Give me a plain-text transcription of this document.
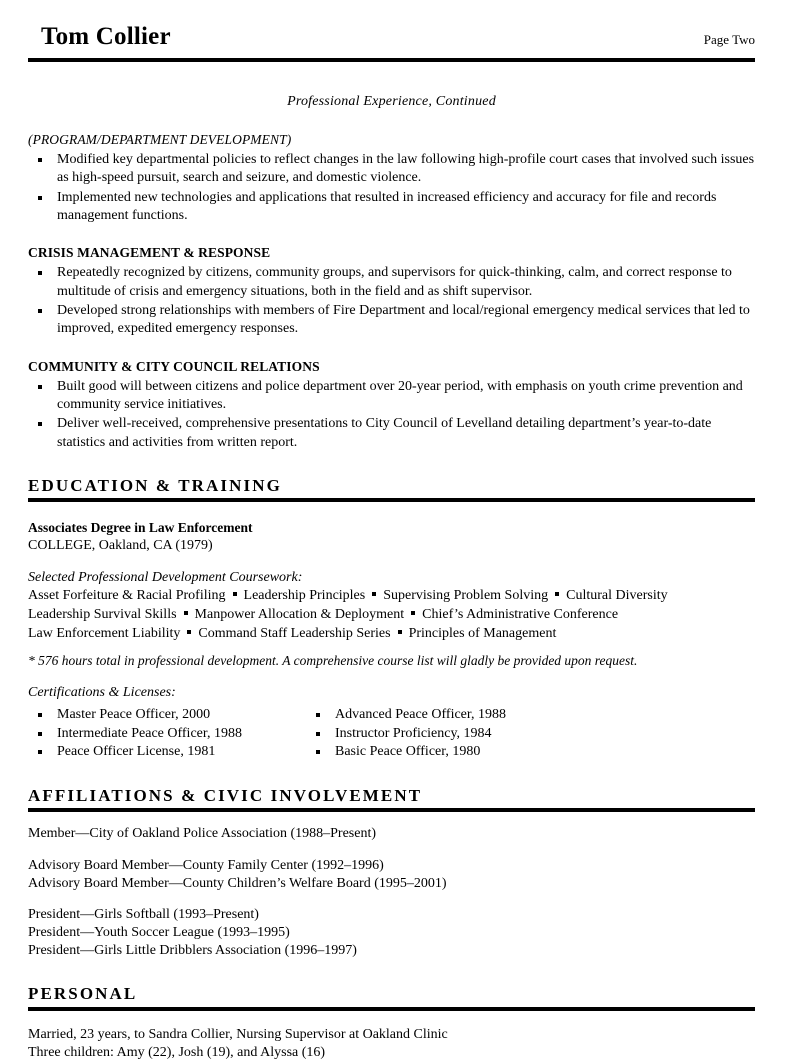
Tom Collier	Page Two
Professional Experience, Continued
(PROGRAM/DEPARTMENT DEVELOPMENT)
Modified key departmental policies to reflect changes in the law following high-profile court cases that involved such issues as high-speed pursuit, search and seizure, and domestic violence.
Implemented new technologies and applications that resulted in increased efficiency and accuracy for file and records management functions.
CRISIS MANAGEMENT & RESPONSE
Repeatedly recognized by citizens, community groups, and supervisors for quick-thinking, calm, and correct response to multitude of crisis and emergency situations, both in the field and as shift supervisor.
Developed strong relationships with members of Fire Department and local/regional emergency medical services that led to improved, expedited emergency responses.
COMMUNITY & CITY COUNCIL RELATIONS
Built good will between citizens and police department over 20-year period, with emphasis on youth crime prevention and community service initiatives.
Deliver well-received, comprehensive presentations to City Council of Levelland detailing department’s year-to-date statistics and activities from written report.
EDUCATION & TRAINING
Associates Degree in Law Enforcement
COLLEGE, Oakland, CA (1979)
Selected Professional Development Coursework:
Asset Forfeiture & Racial Profiling Leadership Principles Supervising Problem Solving Cultural Diversity
Leadership Survival Skills Manpower Allocation & Deployment Chief’s Administrative Conference
Law Enforcement Liability Command Staff Leadership Series Principles of Management
* 576 hours total in professional development. A comprehensive course list will gladly be provided upon request.
Certifications & Licenses:
Master Peace Officer, 2000
Intermediate Peace Officer, 1988
Peace Officer License, 1981
Advanced Peace Officer, 1988
Instructor Proficiency, 1984
Basic Peace Officer, 1980
AFFILIATIONS & CIVIC INVOLVEMENT
Member—City of Oakland Police Association (1988–Present)
Advisory Board Member—County Family Center (1992–1996)
Advisory Board Member—County Children’s Welfare Board (1995–2001)
President—Girls Softball (1993–Present)
President—Youth Soccer League (1993–1995)
President—Girls Little Dribblers Association (1996–1997)
PERSONAL
Married, 23 years, to Sandra Collier, Nursing Supervisor at Oakland Clinic
Three children: Amy (22), Josh (19), and Alyssa (16)
